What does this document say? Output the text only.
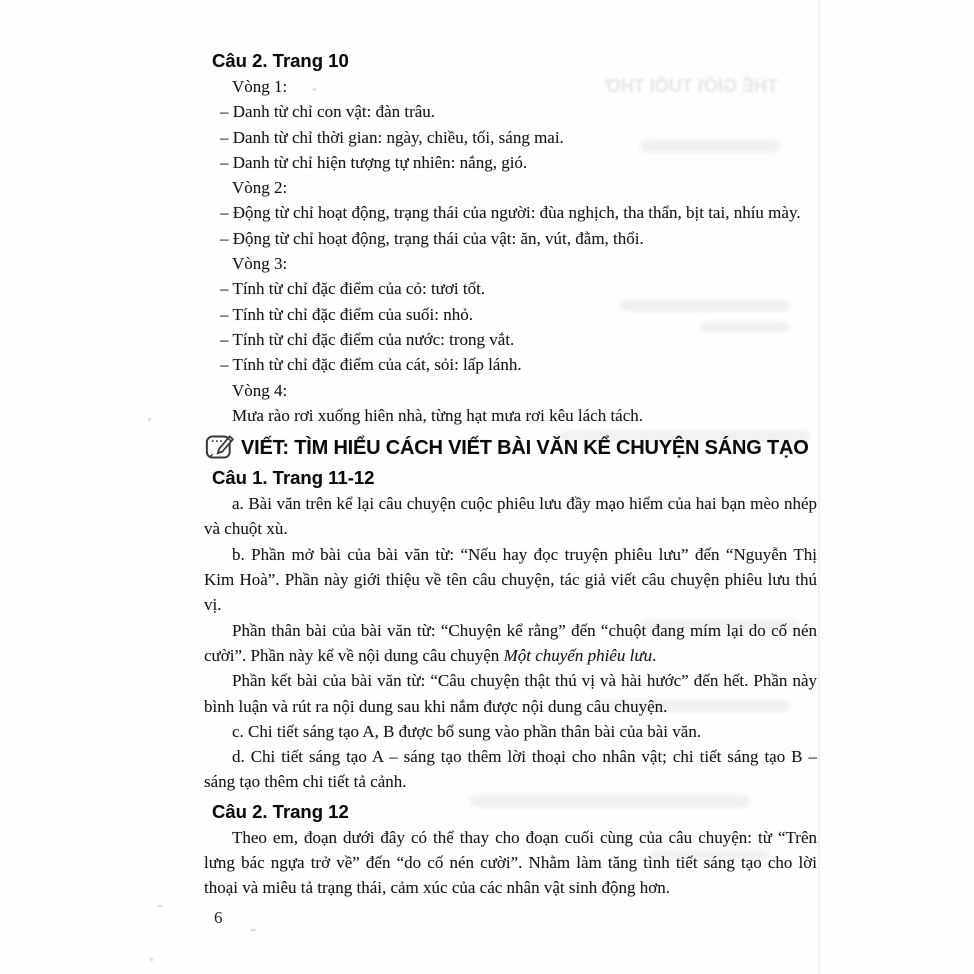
THẾ GIỚI TUỔI THƠ
Câu 2. Trang 10

Vòng 1:

– Danh từ chỉ con vật: đàn trâu.

– Danh từ chỉ thời gian: ngày, chiều, tối, sáng mai.

– Danh từ chỉ hiện tượng tự nhiên: nắng, gió.

Vòng 2:

– Động từ chỉ hoạt động, trạng thái của người: đùa nghịch, tha thẩn, bịt tai, nhíu mày.

– Động từ chỉ hoạt động, trạng thái của vật: ăn, vút, đằm, thổi.

Vòng 3:

– Tính từ chỉ đặc điểm của cỏ: tươi tốt.

– Tính từ chỉ đặc điểm của suối: nhỏ.

– Tính từ chỉ đặc điểm của nước: trong vắt.

– Tính từ chỉ đặc điểm của cát, sỏi: lấp lánh.

Vòng 4:

Mưa rào rơi xuống hiên nhà, từng hạt mưa rơi kêu lách tách.

VIẾT: TÌM HIỂU CÁCH VIẾT BÀI VĂN KỂ CHUYỆN SÁNG TẠO
Câu 1. Trang 11-12

a. Bài văn trên kể lại câu chuyện cuộc phiêu lưu đầy mạo hiểm của hai bạn mèo nhép và chuột xù.

b. Phần mở bài của bài văn từ: “Nếu hay đọc truyện phiêu lưu” đến “Nguyễn Thị Kim Hoà”. Phần này giới thiệu về tên câu chuyện, tác giả viết câu chuyện phiêu lưu thú vị.

Phần thân bài của bài văn từ: “Chuyện kể rằng” đến “chuột đang mím lại do cố nén cười”. Phần này kể về nội dung câu chuyện Một chuyến phiêu lưu.

Phần kết bài của bài văn từ: “Câu chuyện thật thú vị và hài hước” đến hết. Phần này bình luận và rút ra nội dung sau khi nắm được nội dung câu chuyện.

c. Chi tiết sáng tạo A, B được bổ sung vào phần thân bài của bài văn.

d. Chi tiết sáng tạo A – sáng tạo thêm lời thoại cho nhân vật; chi tiết sáng tạo B – sáng tạo thêm chi tiết tả cảnh.

Câu 2. Trang 12

Theo em, đoạn dưới đây có thể thay cho đoạn cuối cùng của câu chuyện: từ “Trên lưng bác ngựa trở về” đến “do cố nén cười”. Nhằm làm tăng tình tiết sáng tạo cho lời thoại và miêu tả trạng thái, cảm xúc của các nhân vật sinh động hơn.

6
